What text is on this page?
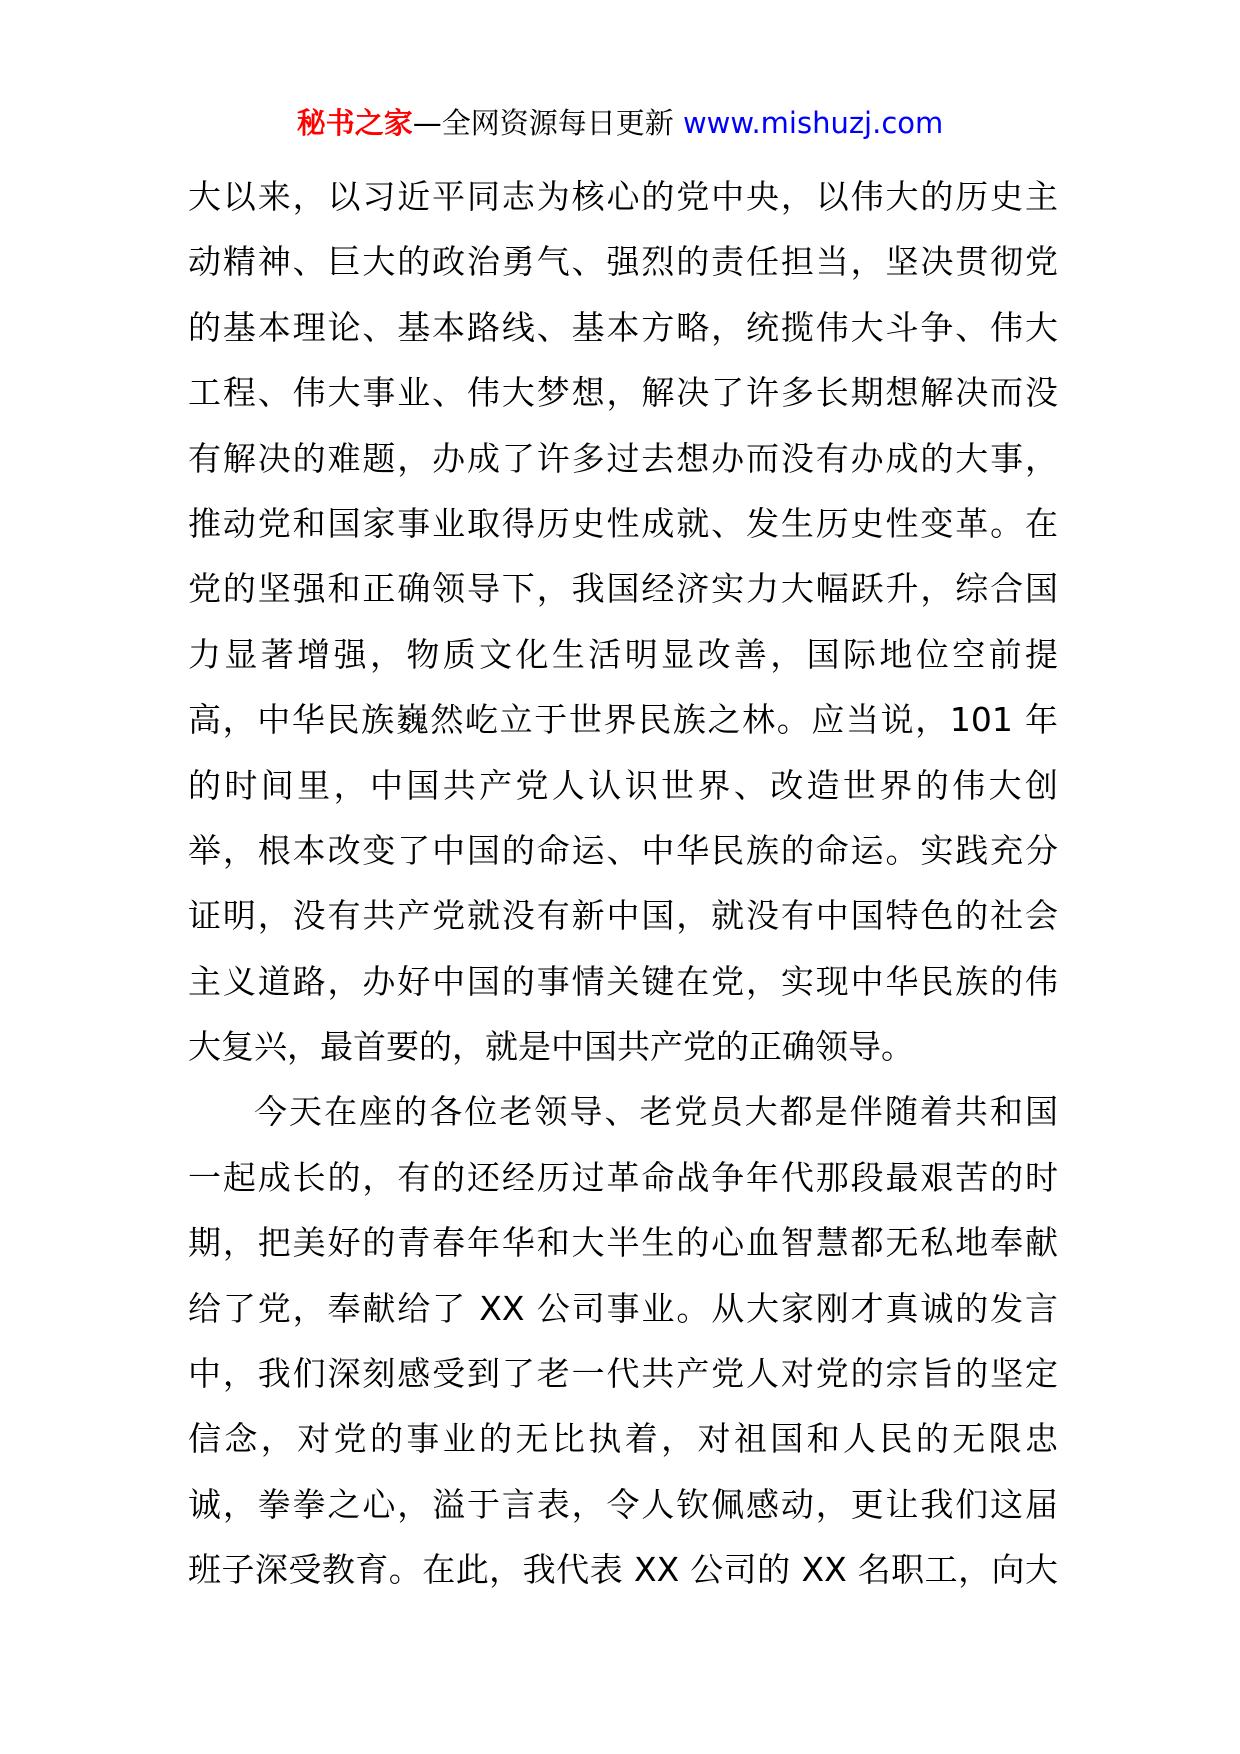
秘书之家—全网资源每日更新 www.mishuzj.com
大以来，以习近平同志为核心的党中央，以伟大的历史主
动精神、巨大的政治勇气、强烈的责任担当，坚决贯彻党
的基本理论、基本路线、基本方略，统揽伟大斗争、伟大
工程、伟大事业、伟大梦想，解决了许多长期想解决而没
有解决的难题，办成了许多过去想办而没有办成的大事，
推动党和国家事业取得历史性成就、发生历史性变革。在
党的坚强和正确领导下，我国经济实力大幅跃升，综合国
力显著增强，物质文化生活明显改善，国际地位空前提
高，中华民族巍然屹立于世界民族之林。应当说，101 年
的时间里，中国共产党人认识世界、改造世界的伟大创
举，根本改变了中国的命运、中华民族的命运。实践充分
证明，没有共产党就没有新中国，就没有中国特色的社会
主义道路，办好中国的事情关键在党，实现中华民族的伟
大复兴，最首要的，就是中国共产党的正确领导。
今天在座的各位老领导、老党员大都是伴随着共和国
一起成长的，有的还经历过革命战争年代那段最艰苦的时
期，把美好的青春年华和大半生的心血智慧都无私地奉献
给了党，奉献给了 XX 公司事业。从大家刚才真诚的发言
中，我们深刻感受到了老一代共产党人对党的宗旨的坚定
信念，对党的事业的无比执着，对祖国和人民的无限忠
诚，拳拳之心，溢于言表，令人钦佩感动，更让我们这届
班子深受教育。在此，我代表 XX 公司的 XX 名职工，向大
